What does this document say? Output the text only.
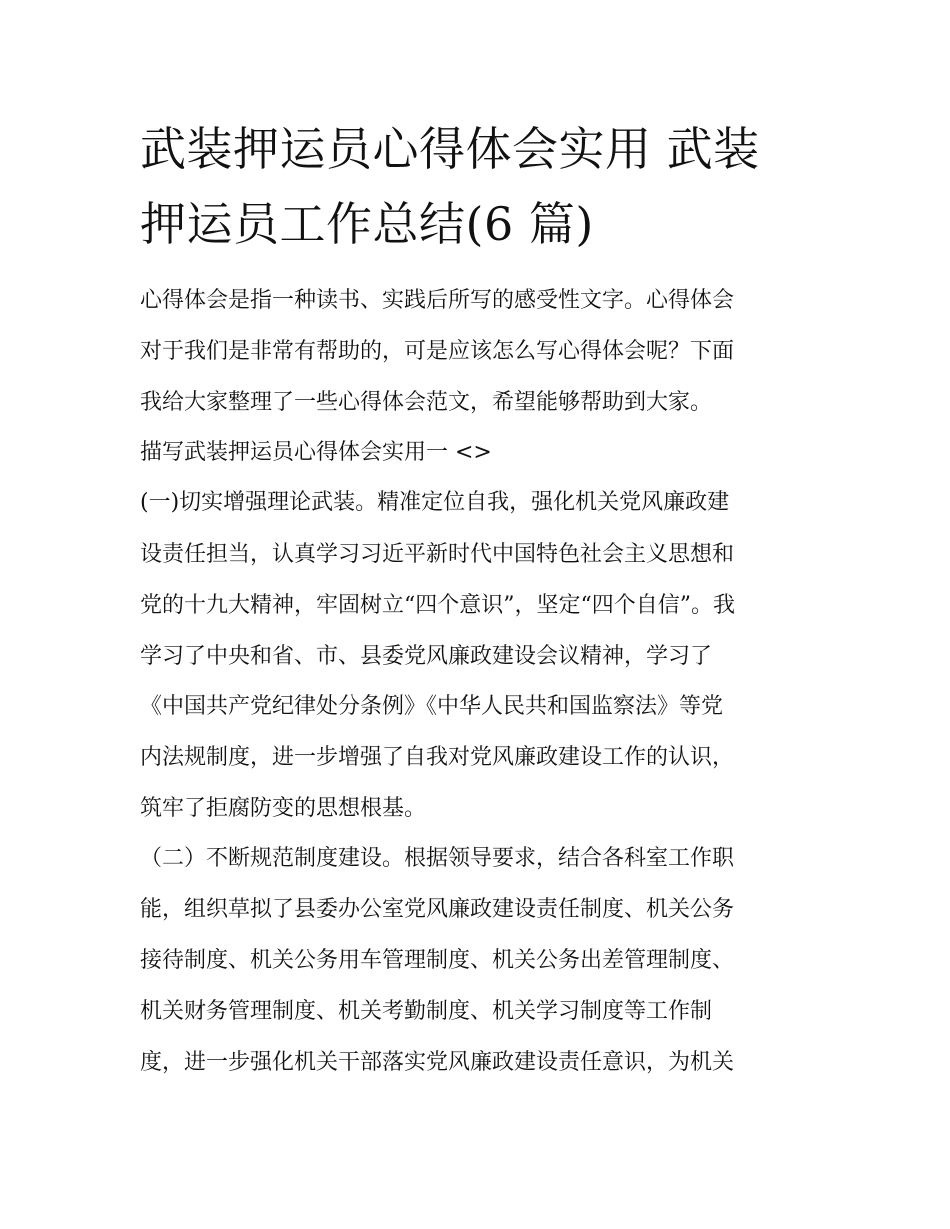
武装押运员心得体会实用 武装
押运员工作总结(6 篇)

心得体会是指一种读书、实践后所写的感受性文字。心得体会

对于我们是非常有帮助的，可是应该怎么写心得体会呢？下面

我给大家整理了一些心得体会范文，希望能够帮助到大家。

描写武装押运员心得体会实用一 <>

(一)切实增强理论武装。精准定位自我，强化机关党风廉政建

设责任担当，认真学习习近平新时代中国特色社会主义思想和

党的十九大精神，牢固树立“四个意识”，坚定“四个自信”。我

学习了中央和省、市、县委党风廉政建设会议精神，学习了

《中国共产党纪律处分条例》《中华人民共和国监察法》等党

内法规制度，进一步增强了自我对党风廉政建设工作的认识，

筑牢了拒腐防变的思想根基。

（二）不断规范制度建设。根据领导要求，结合各科室工作职

能，组织草拟了县委办公室党风廉政建设责任制度、机关公务

接待制度、机关公务用车管理制度、机关公务出差管理制度、

机关财务管理制度、机关考勤制度、机关学习制度等工作制

度，进一步强化机关干部落实党风廉政建设责任意识，为机关
